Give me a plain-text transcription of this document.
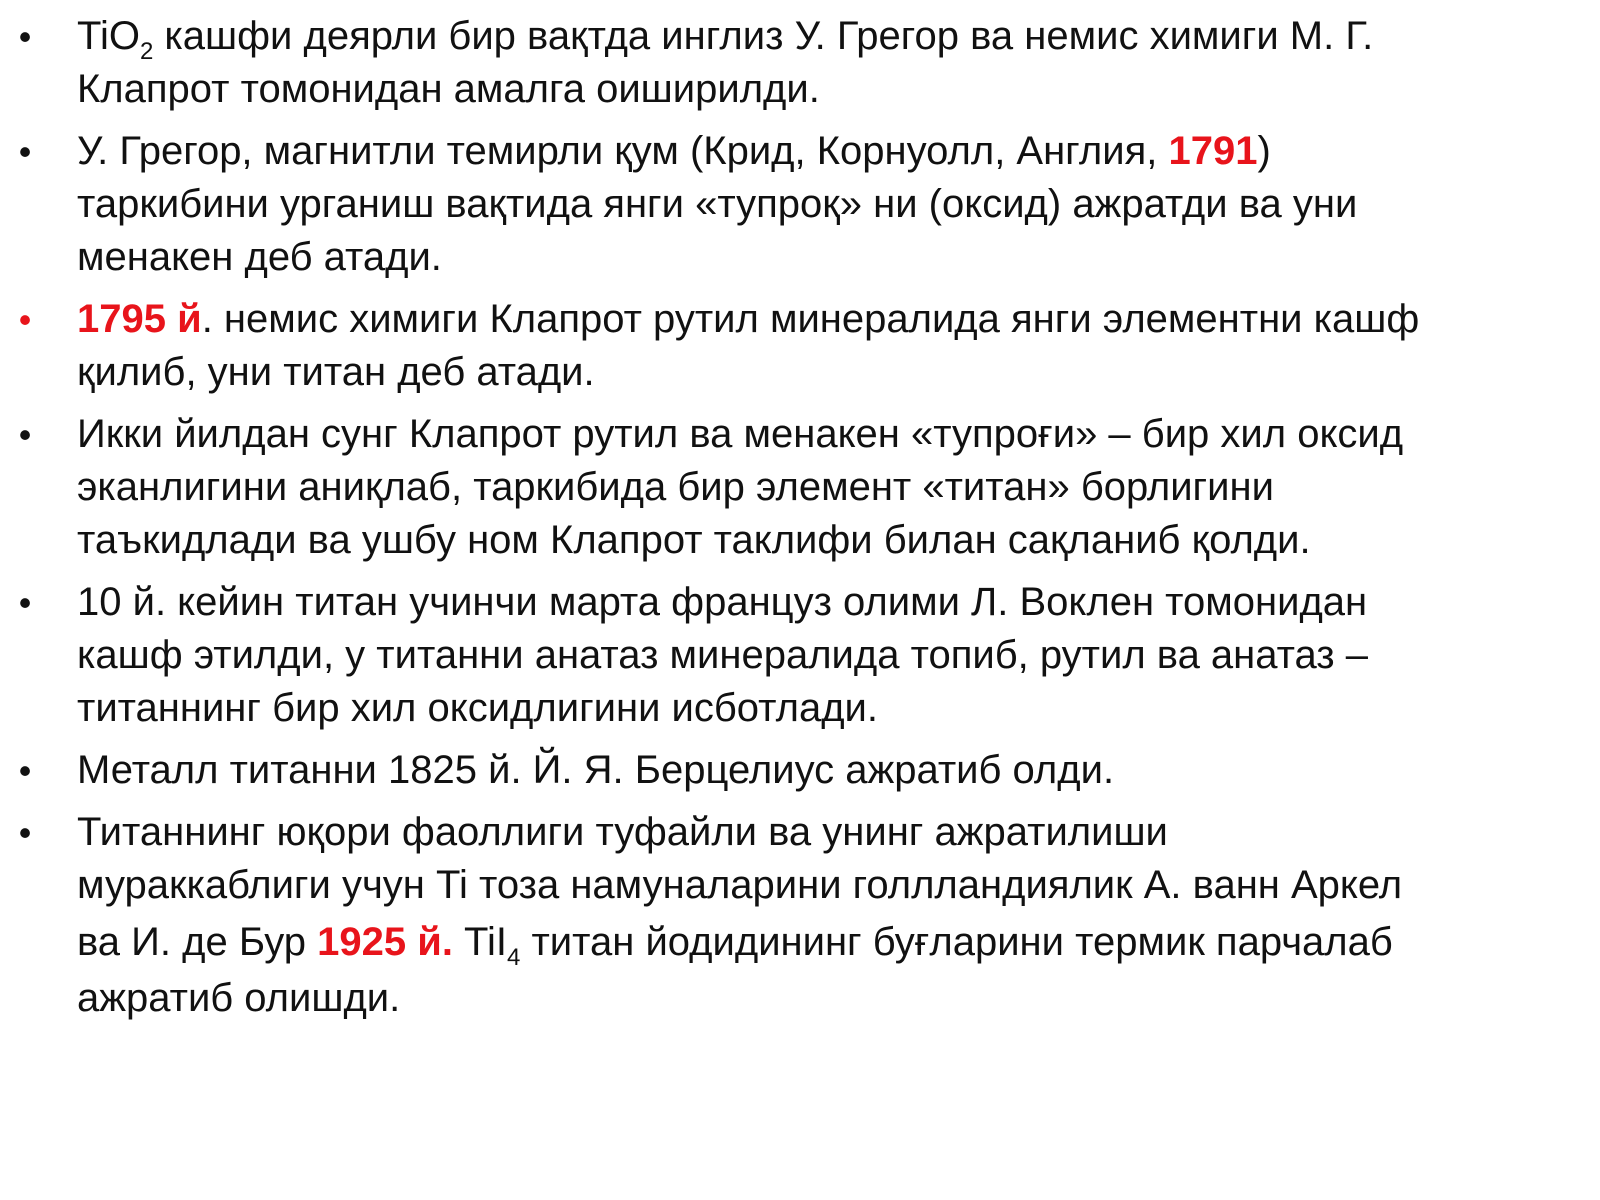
• TiO$_2$ кашфи деярли бир вақтда инглиз У. Грегор ва немис химиги М. Г.
Клапрот томонидан амалга оиширилди.
• У. Грегор, магнитли темирли қум (Крид, Корнуолл, Англия, 1791)
таркибини урганиш вақтида янги «тупроқ» ни (оксид) ажратди ва уни
менакен деб атади.
• 1795 й. немис химиги Клапрот рутил минералида янги элементни кашф
қилиб, уни титан деб атади.
• Икки йилдан сунг Клапрот рутил ва менакен «тупроғи» – бир хил оксид
эканлигини аниқлаб, таркибида бир элемент «титан» борлигини
таъкидлади ва ушбу ном Клапрот таклифи билан сақланиб қолди.
• 10 й. кейин титан учинчи марта француз олими Л. Воклен томонидан
кашф этилди, у титанни анатаз минералида топиб, рутил ва анатаз –
титаннинг бир хил оксидлигини исботлади.
• Металл титанни 1825 й. Й. Я. Берцелиус ажратиб олди.
• Титаннинг юқори фаоллиги туфайли ва унинг ажратилиши
мураккаблиги учун Ti тоза намуналарини голлландиялик А. ванн Аркел
ва И. де Бур 1925 й. TiI$_4$ титан йодидининг буғларини термик парчалаб
ажратиб олишди.
